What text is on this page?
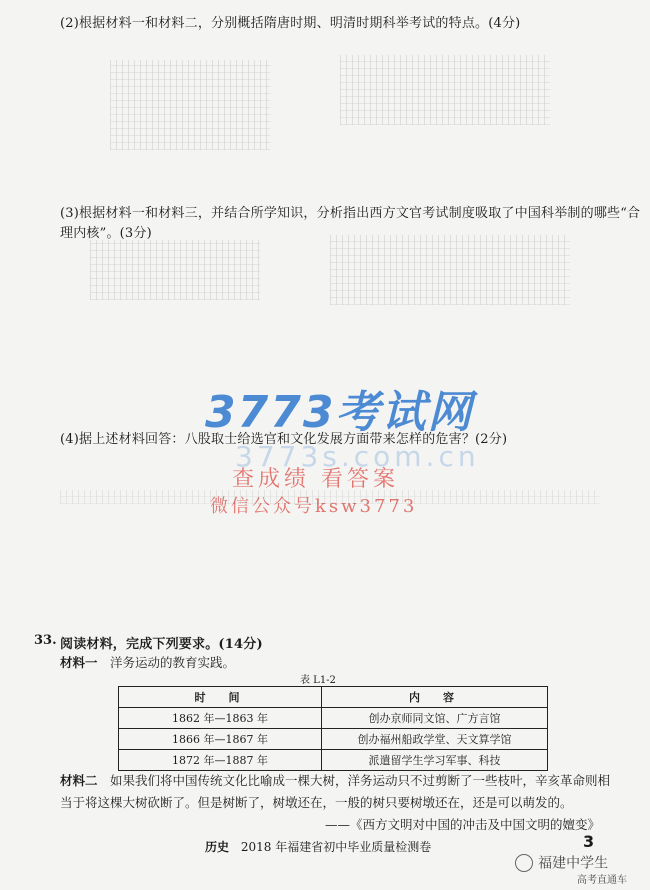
(2)根据材料一和材料二，分别概括隋唐时期、明清时期科举考试的特点。(4分)
(3)根据材料一和材料三，并结合所学知识，分析指出西方文官考试制度吸取了中国科举制的哪些“合
理内核”。(3分)
3773考试网
(4)据上述材料回答：八股取士给选官和文化发展方面带来怎样的危害？(2分)
3773s.com.cn
查成绩 看答案
微信公众号ksw3773
33. 阅读材料，完成下列要求。(14分)
材料一 洋务运动的教育实践。
表 L1-2
时　间	内　容
1862 年—1863 年	创办京师同文馆、广方言馆
1866 年—1867 年	创办福州船政学堂、天文算学馆
1872 年—1887 年	派遣留学生学习军事、科技
材料二　 如果我们将中国传统文化比喻成一棵大树，洋务运动只不过剪断了一些枝叶，辛亥革命则相
当于将这棵大树砍断了。但是树断了，树墩还在，一般的树只要树墩还在，还是可以萌发的。
——《西方文明对中国的冲击及中国文明的嬗变》
历史 2018 年福建省初中毕业质量检测卷	3
福建中学生
高考直通车
